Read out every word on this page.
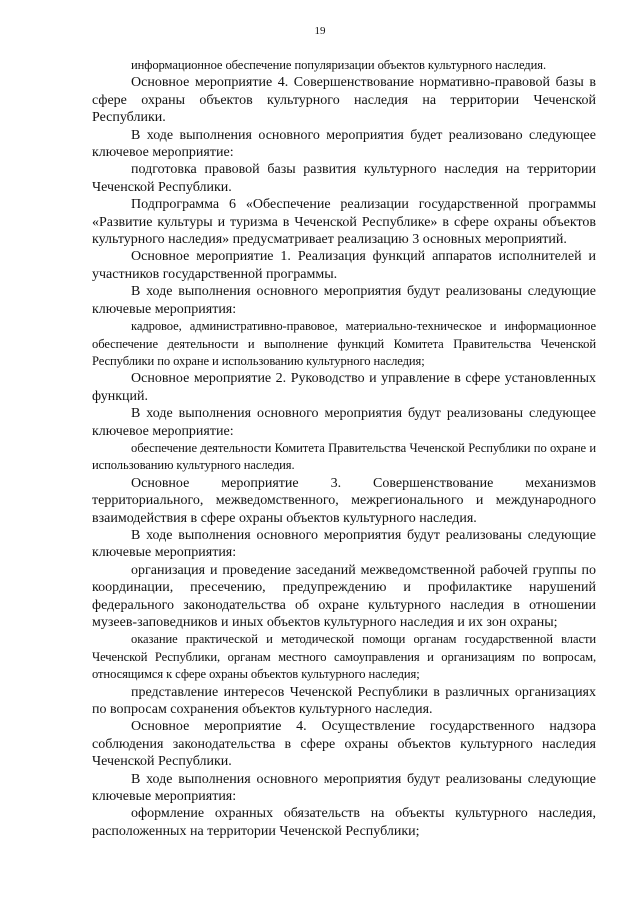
19

информационное обеспечение популяризации объектов культурного наследия.

Основное мероприятие 4. Совершенствование нормативно-правовой базы в сфере охраны объектов культурного наследия на территории Чеченской Республики.

В ходе выполнения основного мероприятия будет реализовано следующее ключевое мероприятие:

подготовка правовой базы развития культурного наследия на территории Чеченской Республики.

Подпрограмма 6 «Обеспечение реализации государственной программы «Развитие культуры и туризма в Чеченской Республике» в сфере охраны объектов культурного наследия» предусматривает реализацию 3 основных мероприятий.

Основное мероприятие 1. Реализация функций аппаратов исполнителей и участников государственной программы.

В ходе выполнения основного мероприятия будут реализованы следующие ключевые мероприятия:

кадровое, административно-правовое, материально-техническое и информационное обеспечение деятельности и выполнение функций Комитета Правительства Чеченской Республики по охране и использованию культурного наследия;

Основное мероприятие 2. Руководство и управление в сфере установленных функций.

В ходе выполнения основного мероприятия будут реализованы следующее ключевое мероприятие:

обеспечение деятельности Комитета Правительства Чеченской Республики по охране и использованию культурного наследия.

Основное мероприятие 3. Совершенствование механизмов территориального, межведомственного, межрегионального и международного взаимодействия в сфере охраны объектов культурного наследия.

В ходе выполнения основного мероприятия будут реализованы следующие ключевые мероприятия:

организация и проведение заседаний межведомственной рабочей группы по координации, пресечению, предупреждению и профилактике нарушений федерального законодательства об охране культурного наследия в отношении музеев-заповедников и иных объектов культурного наследия и их зон охраны;

оказание практической и методической помощи органам государственной власти Чеченской Республики, органам местного самоуправления и организациям по вопросам, относящимся к сфере охраны объектов культурного наследия;

представление интересов Чеченской Республики в различных организациях по вопросам сохранения объектов культурного наследия.

Основное мероприятие 4. Осуществление государственного надзора соблюдения законодательства в сфере охраны объектов культурного наследия Чеченской Республики.

В ходе выполнения основного мероприятия будут реализованы следующие ключевые мероприятия:

оформление охранных обязательств на объекты культурного наследия, расположенных на территории Чеченской Республики;
